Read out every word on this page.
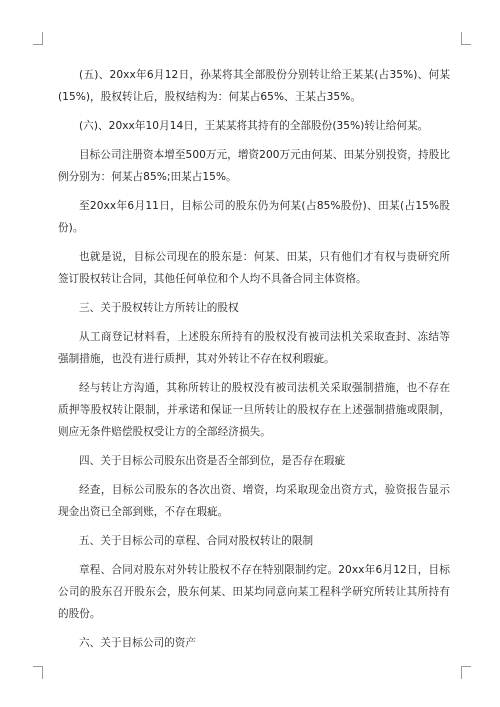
(五)、20xx年6月12日，孙某将其全部股份分别转让给王某某(占35%)、何某(15%)，股权转让后，股权结构为：何某占65%、王某占35%。

(六)、20xx年10月14日，王某某将其持有的全部股份(35%)转让给何某。

目标公司注册资本增至500万元，增资200万元由何某、田某分别投资，持股比例分别为：何某占85%;田某占15%。

至20xx年6月11日，目标公司的股东仍为何某(占85%股份)、田某(占15%股份)。

也就是说，目标公司现在的股东是：何某、田某，只有他们才有权与贵研究所签订股权转让合同，其他任何单位和个人均不具备合同主体资格。

三、关于股权转让方所转让的股权

从工商登记材料看，上述股东所持有的股权没有被司法机关采取查封、冻结等强制措施，也没有进行质押，其对外转让不存在权利瑕疵。

经与转让方沟通，其称所转让的股权没有被司法机关采取强制措施，也不存在质押等股权转让限制，并承诺和保证一旦所转让的股权存在上述强制措施或限制，则应无条件赔偿股权受让方的全部经济损失。

四、关于目标公司股东出资是否全部到位，是否存在瑕疵

经查，目标公司股东的各次出资、增资，均采取现金出资方式，验资报告显示现金出资已全部到账，不存在瑕疵。

五、关于目标公司的章程、合同对股权转让的限制

章程、合同对股东对外转让股权不存在特别限制约定。20xx年6月12日，目标公司的股东召开股东会，股东何某、田某均同意向某工程科学研究所转让其所持有的股份。

六、关于目标公司的资产
